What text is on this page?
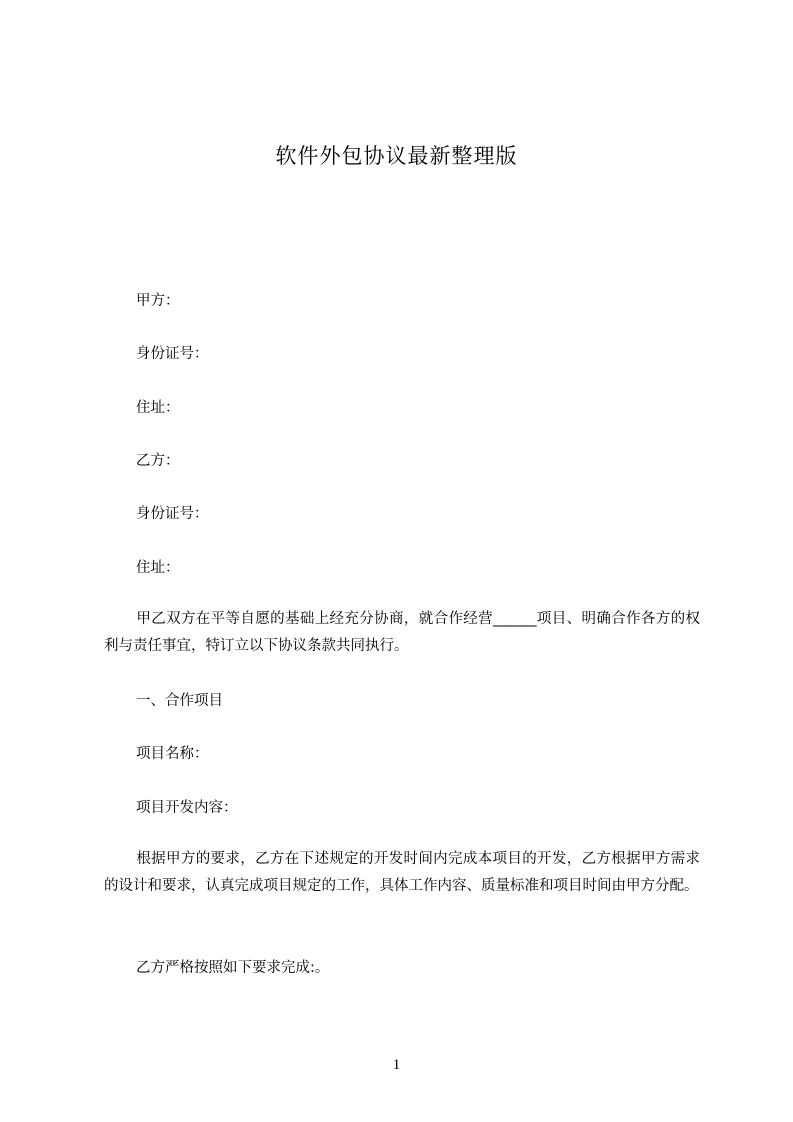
软件外包协议最新整理版
甲方：
身份证号：
住址：
乙方：
身份证号：
住址：
甲乙双方在平等自愿的基础上经充分协商，就合作经营______项目、明确合作各方的权利与责任事宜，特订立以下协议条款共同执行。
一、合作项目
项目名称：
项目开发内容：
根据甲方的要求，乙方在下述规定的开发时间内完成本项目的开发，乙方根据甲方需求的设计和要求，认真完成项目规定的工作，具体工作内容、质量标准和项目时间由甲方分配。
乙方严格按照如下要求完成:。
1
